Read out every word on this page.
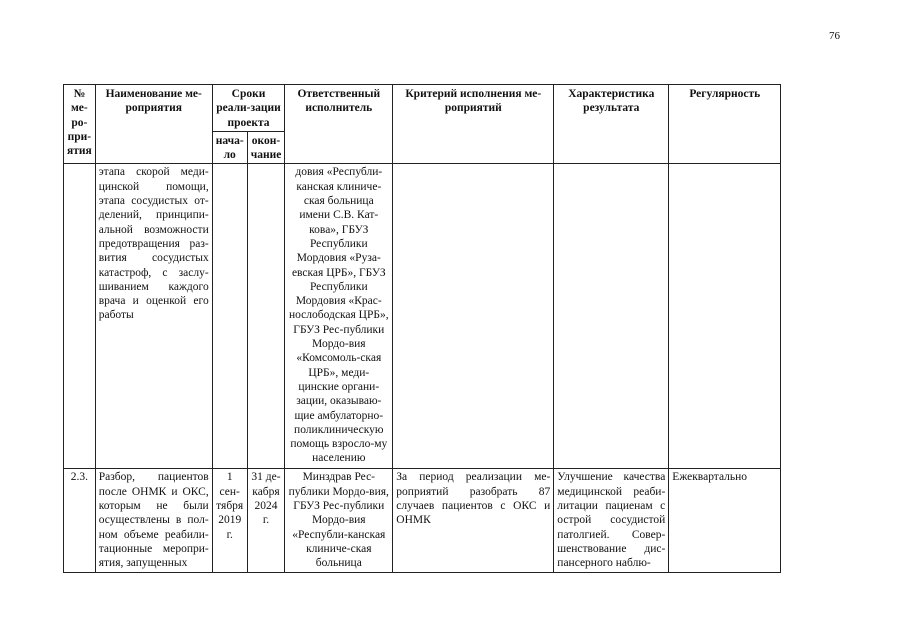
76
№
ме-
ро-
при-
ятия	Наименование ме-роприятия	Сроки реали-зации проекта		Ответственный исполнитель	Критерий исполнения ме-роприятий	Характеристика результата	Регулярность
		нача-ло	окон-чание				
	этапа скорой меди-цинской помощи, этапа сосудистых от-делений, принципи-альной возможности предотвращения раз-вития сосудистых катастроф, с заслу-шиванием каждого врача и оценкой его работы			довия «Республи-канская клиниче-ская больница имени С.В. Кат-кова», ГБУЗ Республики Мордовия «Руза-евская ЦРБ», ГБУЗ Республики Мордовия «Крас-нослободская ЦРБ», ГБУЗ Рес-публики Мордо-вия «Комсомоль-ская ЦРБ», меди-цинские органи-зации, оказываю-щие амбулаторно-поликлиническую помощь взросло-му населению			
2.3.	Разбор, пациентов после ОНМК и ОКС, которым не были осуществлены в пол-ном объеме реабили-тационные меропри-ятия, запущенных	1 сен-тября 2019 г.	31 де-кабря 2024 г.	Минздрав Рес-публики Мордо-вия, ГБУЗ Рес-публики Мордо-вия «Республи-канская клиниче-ская больница	За период реализации ме-роприятий разобрать 87 случаев пациентов с ОКС и ОНМК	Улучшение качества медицинской реаби-литации пациенам с острой сосудистой патолгией. Совер-шенствование дис-пансерного наблю-	Ежеквартально
